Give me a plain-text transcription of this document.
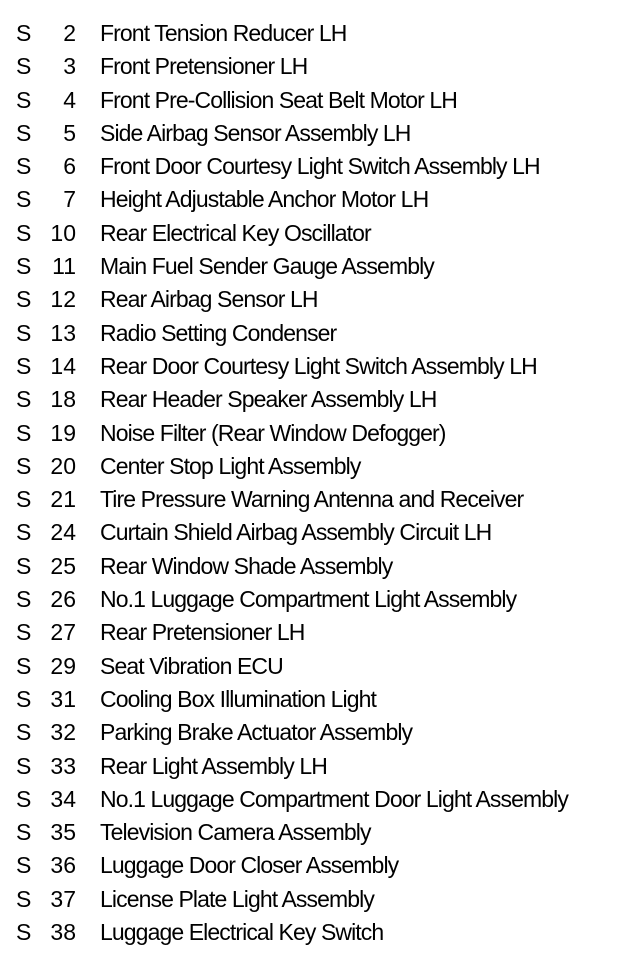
S	2 Front Tension Reducer LH
S	3 Front Pretensioner LH
S	4 Front Pre-Collision Seat Belt Motor LH
S	5 Side Airbag Sensor Assembly LH
S	6 Front Door Courtesy Light Switch Assembly LH
S	7 Height Adjustable Anchor Motor LH
S 10 Rear Electrical Key Oscillator
S 11 Main Fuel Sender Gauge Assembly
S 12 Rear Airbag Sensor LH
S 13 Radio Setting Condenser
S 14 Rear Door Courtesy Light Switch Assembly LH
S 18 Rear Header Speaker Assembly LH
S 19 Noise Filter (Rear Window Defogger)
S 20 Center Stop Light Assembly
S 21 Tire Pressure Warning Antenna and Receiver
S 24 Curtain Shield Airbag Assembly Circuit LH
S 25 Rear Window Shade Assembly
S 26 No.1 Luggage Compartment Light Assembly
S 27 Rear Pretensioner LH
S 29 Seat Vibration ECU
S 31 Cooling Box Illumination Light
S 32 Parking Brake Actuator Assembly
S 33 Rear Light Assembly LH
S 34 No.1 Luggage Compartment Door Light Assembly
S 35 Television Camera Assembly
S 36 Luggage Door Closer Assembly
S 37 License Plate Light Assembly
S 38 Luggage Electrical Key Switch
